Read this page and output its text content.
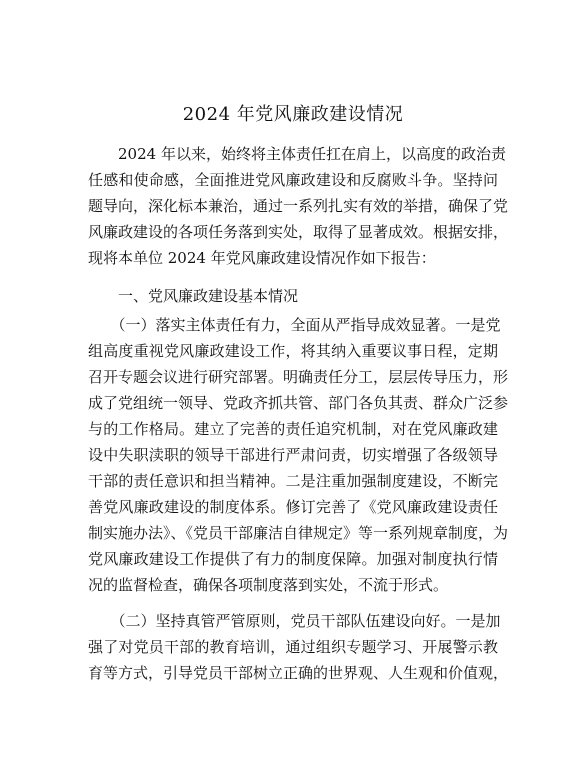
2024 年党风廉政建设情况
　　2024 年以来，始终将主体责任扛在肩上，以高度的政治责
任感和使命感，全面推进党风廉政建设和反腐败斗争。坚持问
题导向，深化标本兼治，通过一系列扎实有效的举措，确保了党
风廉政建设的各项任务落到实处，取得了显著成效。根据安排，
现将本单位 2024 年党风廉政建设情况作如下报告：
　　一、党风廉政建设基本情况
　　（一）落实主体责任有力，全面从严指导成效显著。一是党
组高度重视党风廉政建设工作，将其纳入重要议事日程，定期
召开专题会议进行研究部署。明确责任分工，层层传导压力，形
成了党组统一领导、党政齐抓共管、部门各负其责、群众广泛参
与的工作格局。建立了完善的责任追究机制，对在党风廉政建
设中失职渎职的领导干部进行严肃问责，切实增强了各级领导
干部的责任意识和担当精神。二是注重加强制度建设，不断完
善党风廉政建设的制度体系。修订完善了《党风廉政建设责任
制实施办法》、《党员干部廉洁自律规定》等一系列规章制度，为
党风廉政建设工作提供了有力的制度保障。加强对制度执行情
况的监督检查，确保各项制度落到实处，不流于形式。
　　（二）坚持真管严管原则，党员干部队伍建设向好。一是加
强了对党员干部的教育培训，通过组织专题学习、开展警示教
育等方式，引导党员干部树立正确的世界观、人生观和价值观，
